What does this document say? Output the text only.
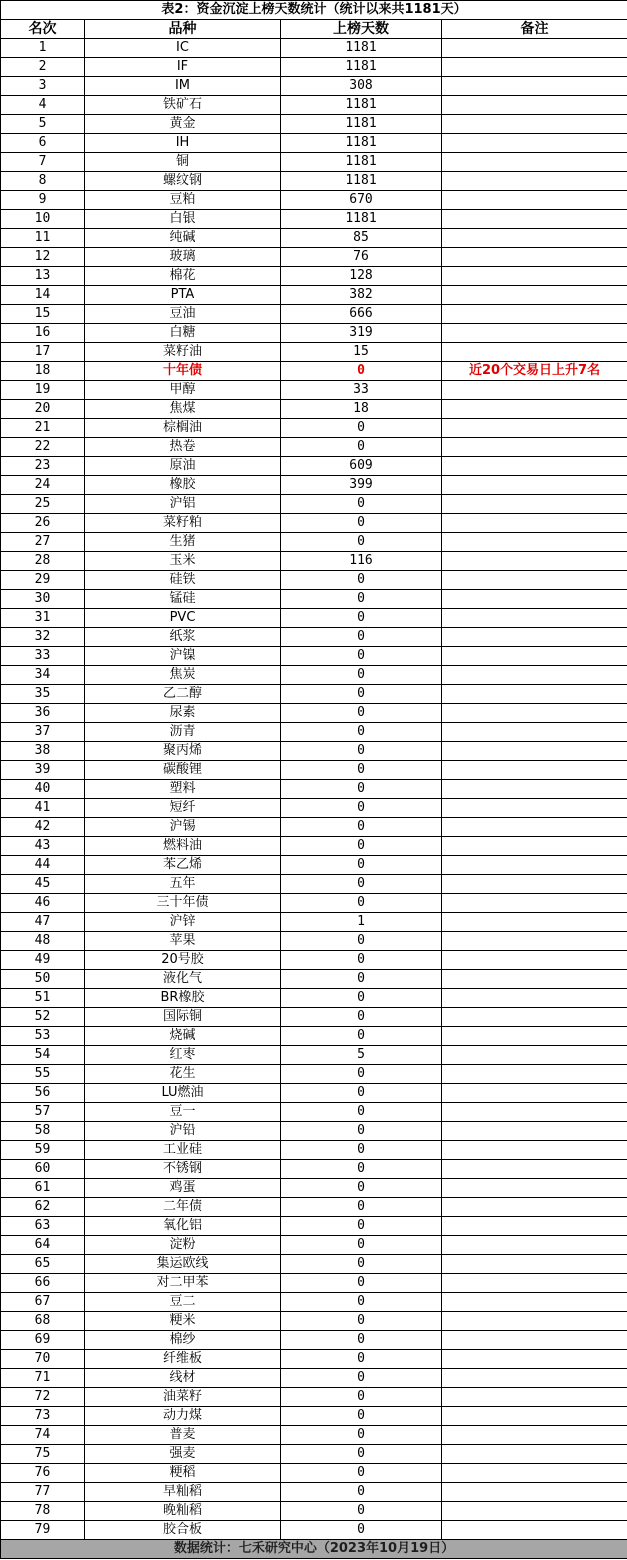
表2：资金沉淀上榜天数统计（统计以来共1181天）			
名次	品种	上榜天数	备注
1	IC	1181	
2	IF	1181	
3	IM	308	
4	铁矿石	1181	
5	黄金	1181	
6	IH	1181	
7	铜	1181	
8	螺纹钢	1181	
9	豆粕	670	
10	白银	1181	
11	纯碱	85	
12	玻璃	76	
13	棉花	128	
14	PTA	382	
15	豆油	666	
16	白糖	319	
17	菜籽油	15	
18	十年债	0	近20个交易日上升7名
19	甲醇	33	
20	焦煤	18	
21	棕榈油	0	
22	热卷	0	
23	原油	609	
24	橡胶	399	
25	沪铝	0	
26	菜籽粕	0	
27	生猪	0	
28	玉米	116	
29	硅铁	0	
30	锰硅	0	
31	PVC	0	
32	纸浆	0	
33	沪镍	0	
34	焦炭	0	
35	乙二醇	0	
36	尿素	0	
37	沥青	0	
38	聚丙烯	0	
39	碳酸锂	0	
40	塑料	0	
41	短纤	0	
42	沪锡	0	
43	燃料油	0	
44	苯乙烯	0	
45	五年	0	
46	三十年债	0	
47	沪锌	1	
48	苹果	0	
49	20号胶	0	
50	液化气	0	
51	BR橡胶	0	
52	国际铜	0	
53	烧碱	0	
54	红枣	5	
55	花生	0	
56	LU燃油	0	
57	豆一	0	
58	沪铅	0	
59	工业硅	0	
60	不锈钢	0	
61	鸡蛋	0	
62	二年债	0	
63	氧化铝	0	
64	淀粉	0	
65	集运欧线	0	
66	对二甲苯	0	
67	豆二	0	
68	粳米	0	
69	棉纱	0	
70	纤维板	0	
71	线材	0	
72	油菜籽	0	
73	动力煤	0	
74	普麦	0	
75	强麦	0	
76	粳稻	0	
77	早籼稻	0	
78	晚籼稻	0	
79	胶合板	0	
数据统计：七禾研究中心（2023年10月19日）			
